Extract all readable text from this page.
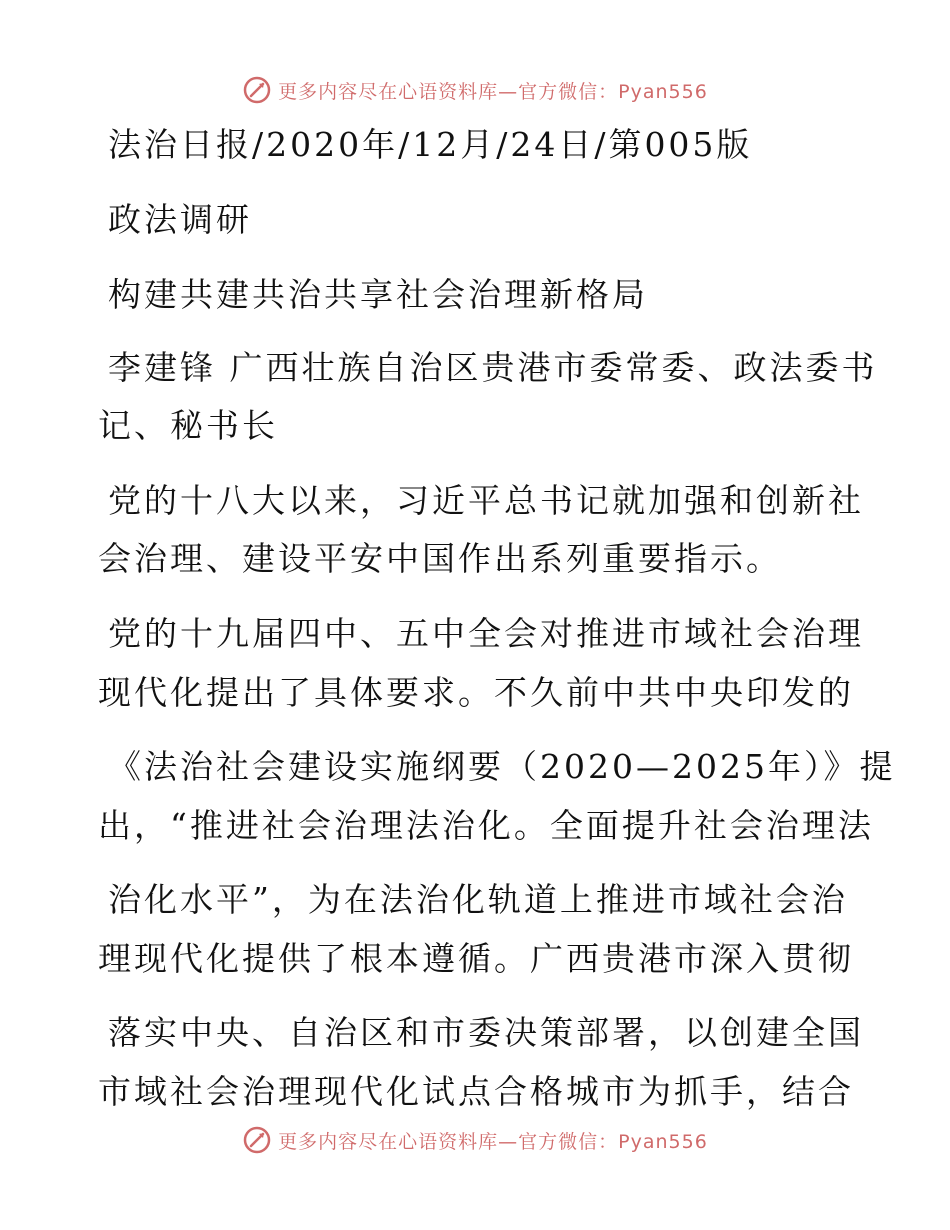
更多内容尽在心语资料库—官方微信：Pyan556
法治日报/2020年/12月/24日/第005版
政法调研
构建共建共治共享社会治理新格局
李建锋 广西壮族自治区贵港市委常委、政法委书
记、秘书长
党的十八大以来，习近平总书记就加强和创新社
会治理、建设平安中国作出系列重要指示。
党的十九届四中、五中全会对推进市域社会治理
现代化提出了具体要求。不久前中共中央印发的
《法治社会建设实施纲要（2020—2025年）》提
出，“推进社会治理法治化。全面提升社会治理法
治化水平”，为在法治化轨道上推进市域社会治
理现代化提供了根本遵循。广西贵港市深入贯彻
落实中央、自治区和市委决策部署，以创建全国
市域社会治理现代化试点合格城市为抓手，结合
更多内容尽在心语资料库—官方微信：Pyan556
